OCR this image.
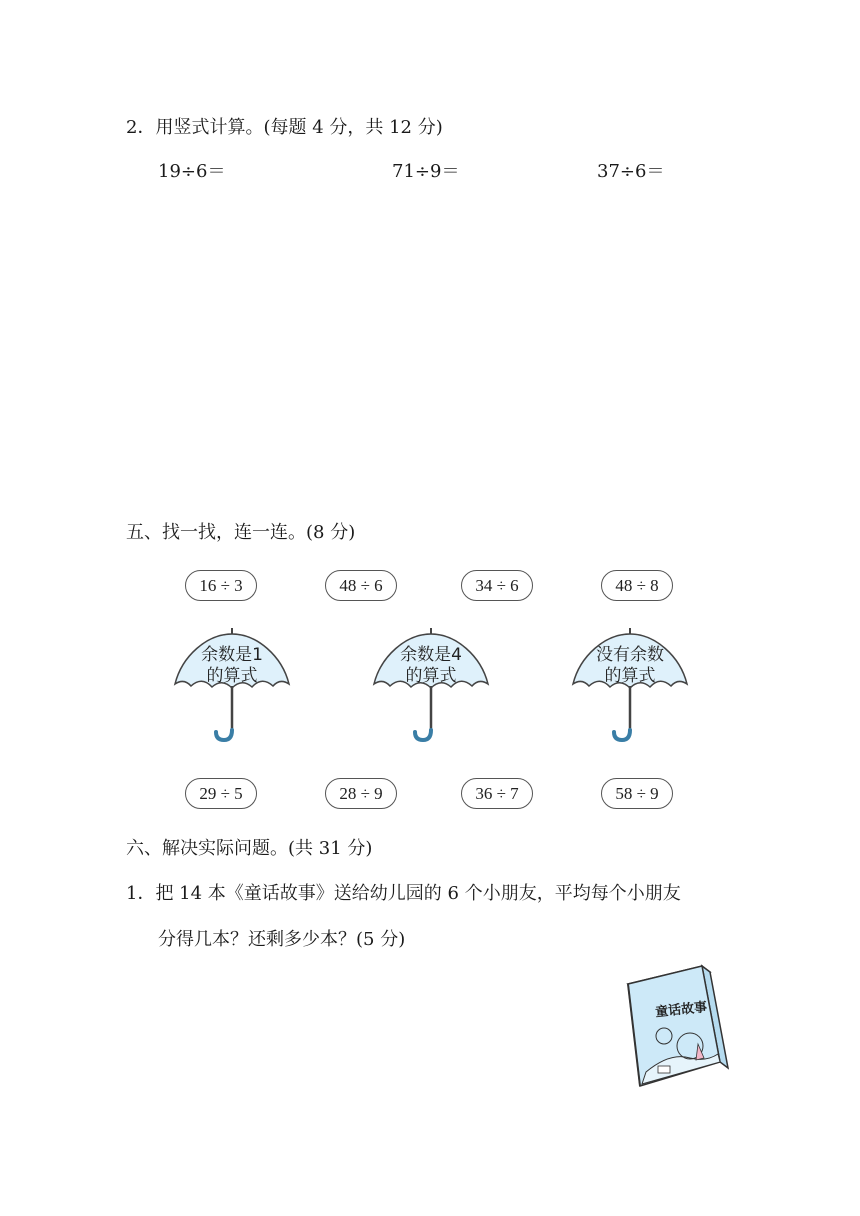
2．用竖式计算。(每题 4 分，共 12 分)
19÷6＝	71÷9＝	37÷6＝
五、找一找，连一连。(8 分)
16 ÷ 3	48 ÷ 6	34 ÷ 6	48 ÷ 8
余数是1
的算式
余数是4
的算式
没有余数
的算式
29 ÷ 5	28 ÷ 9	36 ÷ 7	58 ÷ 9
六、解决实际问题。(共 31 分)
1．把 14 本《童话故事》送给幼儿园的 6 个小朋友，平均每个小朋友
分得几本？还剩多少本？(5 分)
童话故事
